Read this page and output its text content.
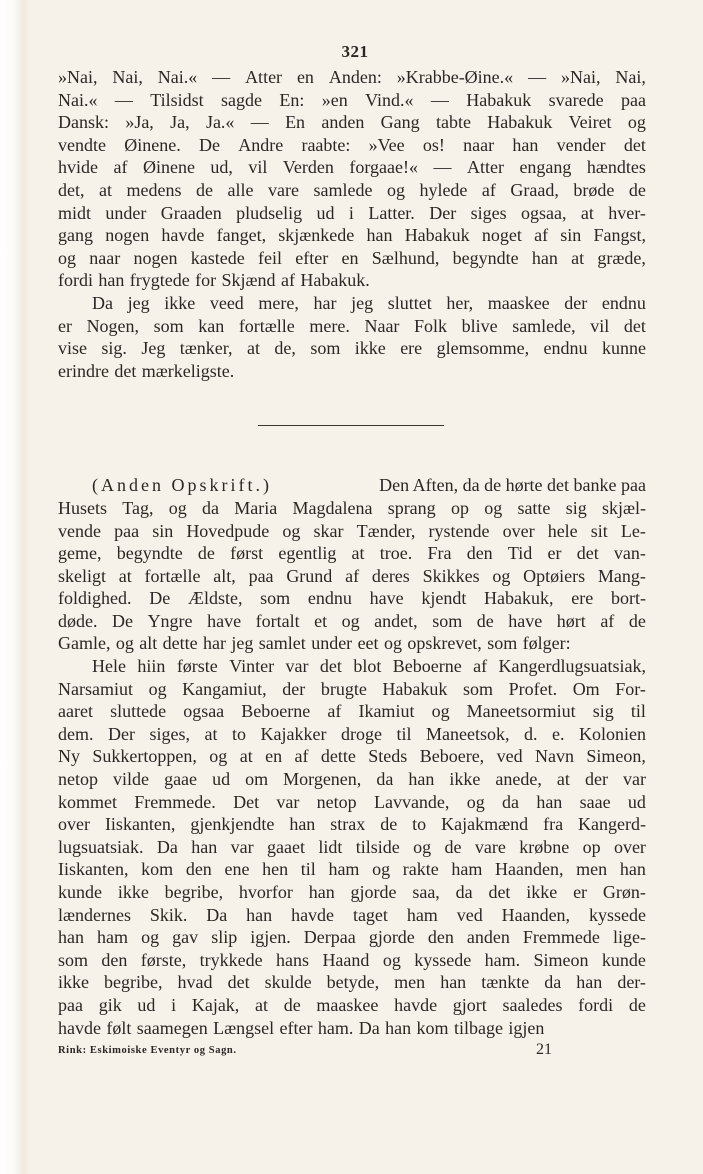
321
»Nai, Nai, Nai.« — Atter en Anden: »Krabbe-Øine.« — »Nai, Nai,
Nai.« — Tilsidst sagde En: »en Vind.« — Habakuk svarede paa
Dansk: »Ja, Ja, Ja.« — En anden Gang tabte Habakuk Veiret og
vendte Øinene. De Andre raabte: »Vee os! naar han vender det
hvide af Øinene ud, vil Verden forgaae!« — Atter engang hændtes
det, at medens de alle vare samlede og hylede af Graad, brøde de
midt under Graaden pludselig ud i Latter. Der siges ogsaa, at hver-
gang nogen havde fanget, skjænkede han Habakuk noget af sin Fangst,
og naar nogen kastede feil efter en Sælhund, begyndte han at græde,
fordi han frygtede for Skjænd af Habakuk.
Da jeg ikke veed mere, har jeg sluttet her, maaskee der endnu
er Nogen, som kan fortælle mere. Naar Folk blive samlede, vil det
vise sig. Jeg tænker, at de, som ikke ere glemsomme, endnu kunne
erindre det mærkeligste.
(Anden Opskrift.)	Den Aften, da de hørte det banke paa
Husets Tag, og da Maria Magdalena sprang op og satte sig skjæl-
vende paa sin Hovedpude og skar Tænder, rystende over hele sit Le-
geme, begyndte de først egentlig at troe. Fra den Tid er det van-
skeligt at fortælle alt, paa Grund af deres Skikkes og Optøiers Mang-
foldighed. De Ældste, som endnu have kjendt Habakuk, ere bort-
døde. De Yngre have fortalt et og andet, som de have hørt af de
Gamle, og alt dette har jeg samlet under eet og opskrevet, som følger:
Hele hiin første Vinter var det blot Beboerne af Kangerdlugsuatsiak,
Narsamiut og Kangamiut, der brugte Habakuk som Profet. Om For-
aaret sluttede ogsaa Beboerne af Ikamiut og Maneetsormiut sig til
dem. Der siges, at to Kajakker droge til Maneetsok, d. e. Kolonien
Ny Sukkertoppen, og at en af dette Steds Beboere, ved Navn Simeon,
netop vilde gaae ud om Morgenen, da han ikke anede, at der var
kommet Fremmede. Det var netop Lavvande, og da han saae ud
over Iiskanten, gjenkjendte han strax de to Kajakmænd fra Kangerd-
lugsuatsiak. Da han var gaaet lidt tilside og de vare krøbne op over
Iiskanten, kom den ene hen til ham og rakte ham Haanden, men han
kunde ikke begribe, hvorfor han gjorde saa, da det ikke er Grøn-
lændernes Skik. Da han havde taget ham ved Haanden, kyssede
han ham og gav slip igjen. Derpaa gjorde den anden Fremmede lige-
som den første, trykkede hans Haand og kyssede ham. Simeon kunde
ikke begribe, hvad det skulde betyde, men han tænkte da han der-
paa gik ud i Kajak, at de maaskee havde gjort saaledes fordi de
havde følt saamegen Længsel efter ham. Da han kom tilbage igjen
Rink: Eskimoiske Eventyr og Sagn.	21
